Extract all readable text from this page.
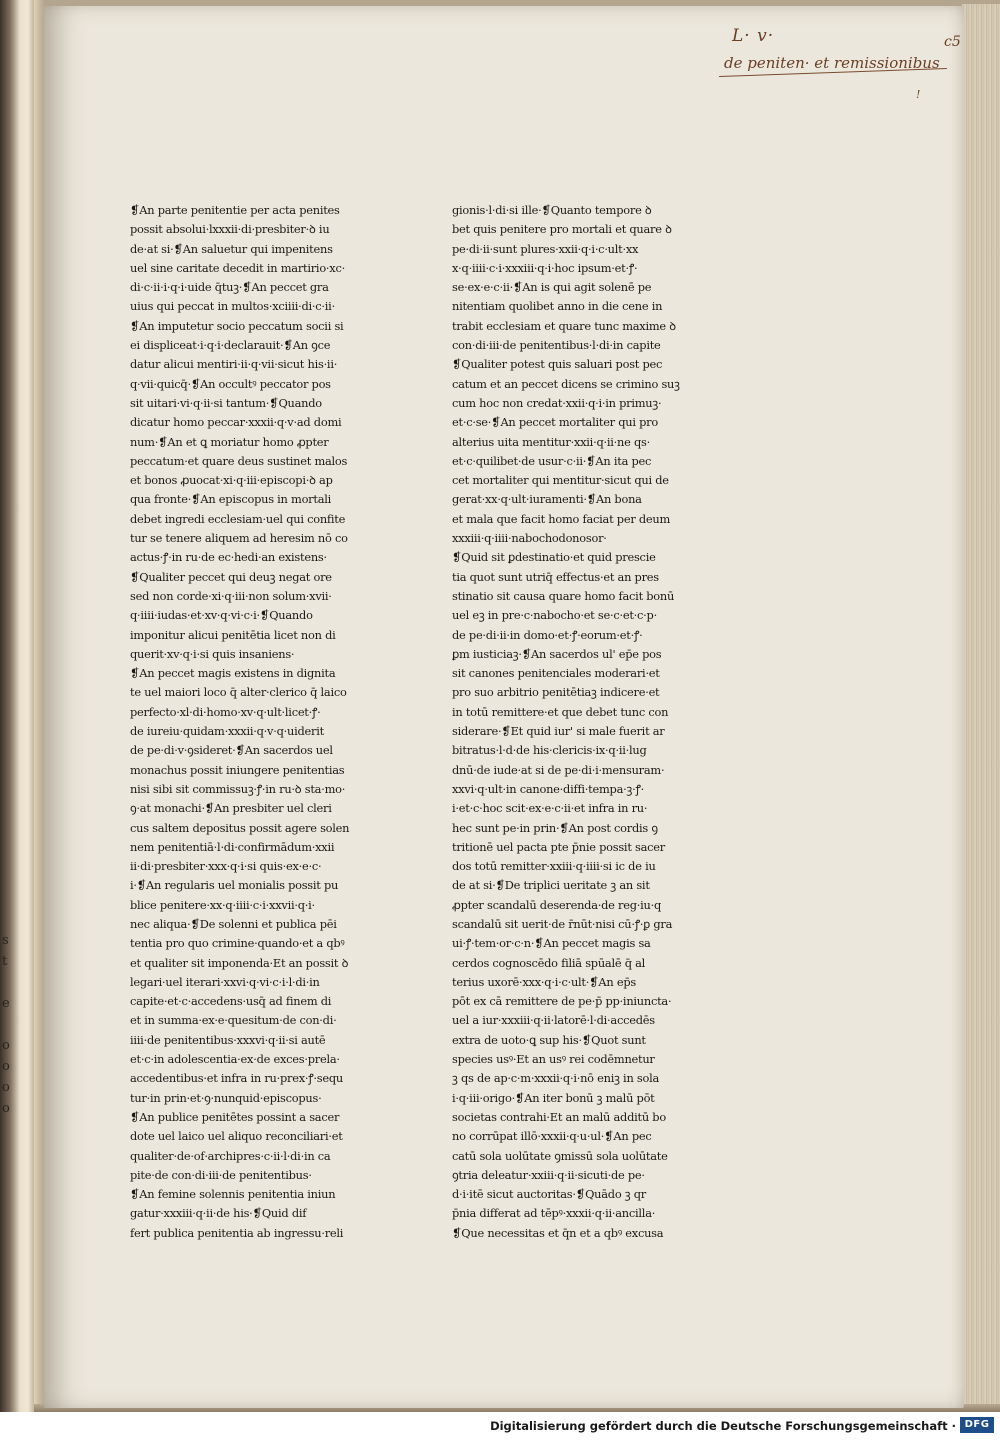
s
t
e
o
o
o
o
L· v·	c5
de peniten· et remissionibus
!
❡An parte penitentie per acta penites
possit absolui·lxxxii·di·presbiter·ꝺ iu
de·at si·❡An saluetur qui impenitens
uel sine caritate decedit in martirio·xc·
di·c·ii·i·q·i·uide q̄tuꝫ·❡An peccet gra
uius qui peccat in multos·xciiii·di·c·ii·
❡An imputetur socio peccatum socii si
ei displiceat·i·q·i·declarauit·❡An ꝯce
datur alicui mentiri·ii·q·vii·sicut his·ii·
q·vii·quicq̄·❡An occultꝰ peccator pos
sit uitari·vi·q·ii·si tantum·❡Quando
dicatur homo peccar·xxxii·q·v·ad domi
num·❡An et ꝗ moriatur homo ꝓpter
peccatum·et quare deus sustinet malos
et bonos ꝓuocat·xi·q·iii·episcopi·ꝺ ap
qua fronte·❡An episcopus in mortali
debet ingredi ecclesiam·uel qui confite
tur se tenere aliquem ad heresim nō co
actus·ꝭ·in ru·de ec·hedi·an existens·
❡Qualiter peccet qui deuꝫ negat ore
sed non corde·xi·q·iii·non solum·xvii·
q·iiii·iudas·et·xv·q·vi·c·i·❡Quando
imponitur alicui penitētia licet non di
querit·xv·q·i·si quis insaniens·
❡An peccet magis existens in dignita
te uel maiori loco q̄ alter·clerico q̄ laico
perfecto·xl·di·homo·xv·q·ult·licet·ꝭ·
de iureiu·quidam·xxxii·q·v·q·uiderit
de pe·di·v·ꝯsideret·❡An sacerdos uel
monachus possit iniungere penitentias
nisi sibi sit commissuꝫ·ꝭ·in ru·ꝺ sta·mo·
ꝯ·at monachi·❡An presbiter uel cleri
cus saltem depositus possit agere solen
nem penitentiā·l·di·confirmādum·xxii
ii·di·presbiter·xxx·q·i·si quis·ex·e·c·
i·❡An regularis uel monialis possit pu
blice penitere·xx·q·iiii·c·i·xxvii·q·i·
nec aliqua·❡De solenni et publica pēi
tentia pro quo crimine·quando·et a qbꝰ
et qualiter sit imponenda·Et an possit ꝺ
legari·uel iterari·xxvi·q·vi·c·i·l·di·in
capite·et·c·accedens·usq̄ ad finem di
et in summa·ex·e·quesitum·de con·di·
iiii·de penitentibus·xxxvi·q·ii·si autē
et·c·in adolescentia·ex·de exces·prela·
accedentibus·et infra in ru·prex·ꝭ·sequ
tur·in prin·et·ꝯ·nunquid·episcopus·
❡An publice penitētes possint a sacer
dote uel laico uel aliquo reconciliari·et
qualiter·de·of·archipres·c·ii·l·di·in ca
pite·de con·di·iii·de penitentibus·
❡An femine solennis penitentia iniun
gatur·xxxiii·q·ii·de his·❡Quid dif
fert publica penitentia ab ingressu·reli
gionis·l·di·si ille·❡Quanto tempore ꝺ
bet quis penitere pro mortali et quare ꝺ
pe·di·ii·sunt plures·xxii·q·i·c·ult·xx
x·q·iiii·c·i·xxxiii·q·i·hoc ipsum·et·ꝭ·
se·ex·e·c·ii·❡An is qui agit solenē pe
nitentiam quolibet anno in die cene in
trabit ecclesiam et quare tunc maxime ꝺ
con·di·iii·de penitentibus·l·di·in capite
❡Qualiter potest quis saluari post pec
catum et an peccet dicens se crimino suꝫ
cum hoc non credat·xxii·q·i·in primuꝫ·
et·c·se·❡An peccet mortaliter qui pro
alterius uita mentitur·xxii·q·ii·ne qs·
et·c·quilibet·de usur·c·ii·❡An ita pec
cet mortaliter qui mentitur·sicut qui de
gerat·xx·q·ult·iuramenti·❡An bona
et mala que facit homo faciat per deum
xxxiii·q·iiii·nabochodonosor·
❡Quid sit ꝑdestinatio·et quid prescie
tia quot sunt utriq̄ effectus·et an pres
stinatio sit causa quare homo facit bonū
uel eꝫ in pre·c·nabocho·et se·c·et·c·p·
de pe·di·ii·in domo·et·ꝭ·eorum·et·ꝭ·
ꝑm iusticiaꝫ·❡An sacerdos ul' ep̄e pos
sit canones penitenciales moderari·et
pro suo arbitrio penitētiaꝫ indicere·et
in totū remittere·et que debet tunc con
siderare·❡Et quid iur' si male fuerit ar
bitratus·l·d·de his·clericis·ix·q·ii·lug
dnū·de iude·at si de pe·di·i·mensuram·
xxvi·q·ult·in canone·diffi·tempa·ꝫ·ꝭ·
i·et·c·hoc scit·ex·e·c·ii·et infra in ru·
hec sunt pe·in prin·❡An post cordis ꝯ
tritionē uel pacta pte p̄nie possit sacer
dos totū remitter·xxiii·q·iiii·si ic de iu
de at si·❡De triplici ueritate ꝫ an sit
ꝓpter scandalū deserenda·de reg·iu·q
scandalū sit uerit·de r̄nūt·nisi cū·ꝭ·ꝑ gra
ui·ꝭ·tem·or·c·n·❡An peccet magis sa
cerdos cognoscēdo filiā spūalē q̄ al
terius uxorē·xxx·q·i·c·ult·❡An ep̄s
pōt ex cā remittere de pe·p̄ pp·iniuncta·
uel a iur·xxxiii·q·ii·latorē·l·di·accedēs
extra de uoto·ꝗ sup his·❡Quot sunt
species usꝰ·Et an usꝰ rei codēmnetur
ꝫ qs de ap·c·m·xxxii·q·i·nō eniꝫ in sola
i·q·iii·origo·❡An iter bonū ꝫ malū pōt
societas contrahi·Et an malū additū bo
no corrūpat illō·xxxii·q·u·ul·❡An pec
catū sola uolūtate ꝯmissū sola uolūtate
ꝯtria deleatur·xxiii·q·ii·sicuti·de pe·
d·i·itē sicut auctoritas·❡Quādo ꝫ qr
p̄nia differat ad tēpꝰ·xxxii·q·ii·ancilla·
❡Que necessitas et q̄n et a qbꝰ excusa
Digitalisierung gefördert durch die Deutsche Forschungsgemeinschaft · DFG
